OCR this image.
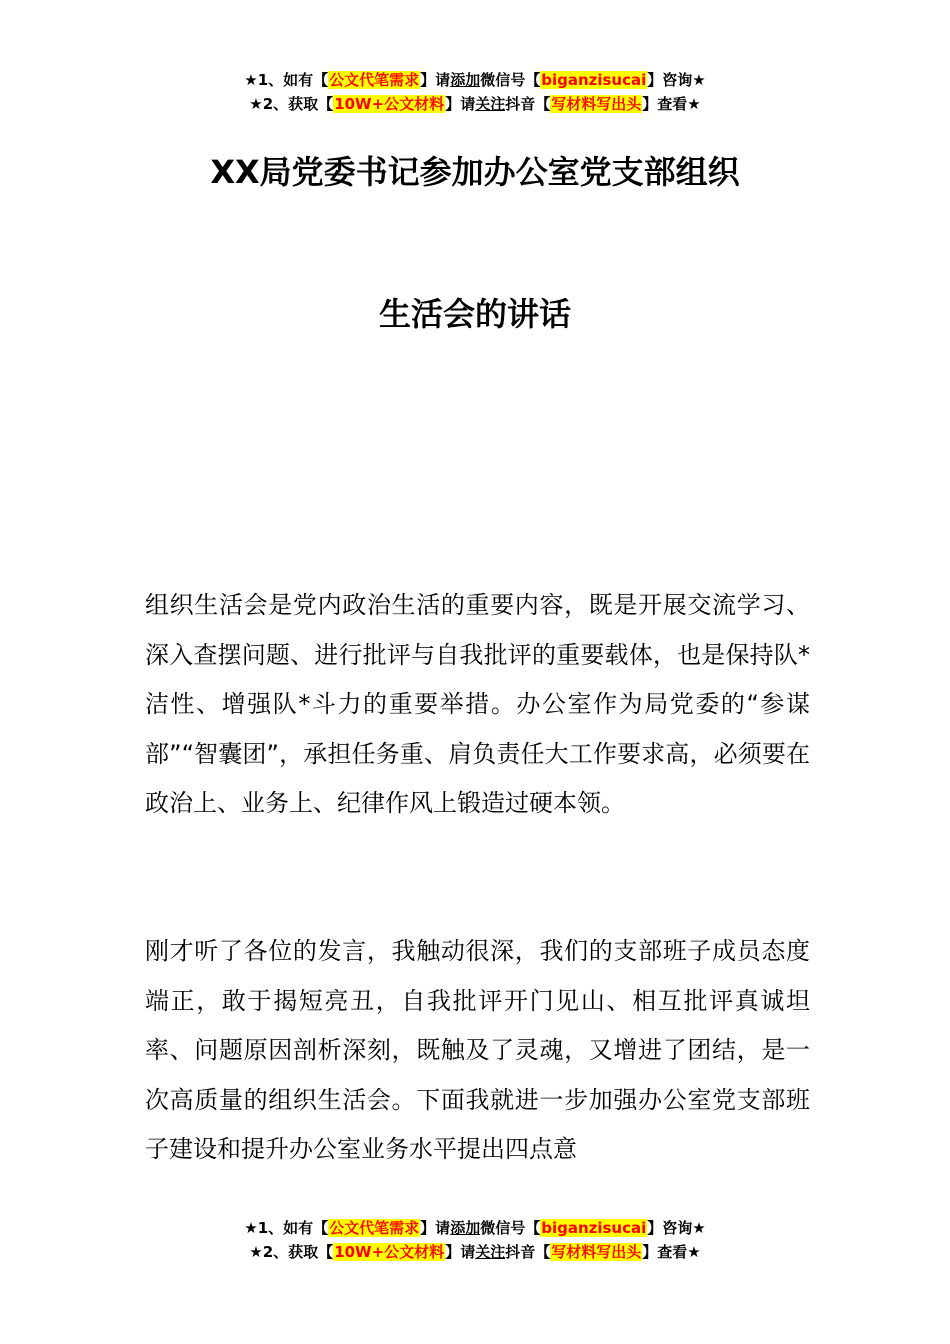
★1、如有【公文代笔需求】请添加微信号【biganzisucai】咨询★
★2、获取【10W+公文材料】请关注抖音【写材料写出头】查看★
XX局党委书记参加办公室党支部组织
生活会的讲话

组织生活会是党内政治生活的重要内容，既是开展交流学习、深入查摆问题、进行批评与自我批评的重要载体，也是保持队*洁性、增强队*斗力的重要举措。办公室作为局党委的“参谋部”“智囊团”，承担任务重、肩负责任大工作要求高，必须要在政治上、业务上、纪律作风上锻造过硬本领。

刚才听了各位的发言，我触动很深，我们的支部班子成员态度端正，敢于揭短亮丑，自我批评开门见山、相互批评真诚坦率、问题原因剖析深刻，既触及了灵魂，又增进了团结，是一次高质量的组织生活会。下面我就进一步加强办公室党支部班子建设和提升办公室业务水平提出四点意

★1、如有【公文代笔需求】请添加微信号【biganzisucai】咨询★
★2、获取【10W+公文材料】请关注抖音【写材料写出头】查看★
